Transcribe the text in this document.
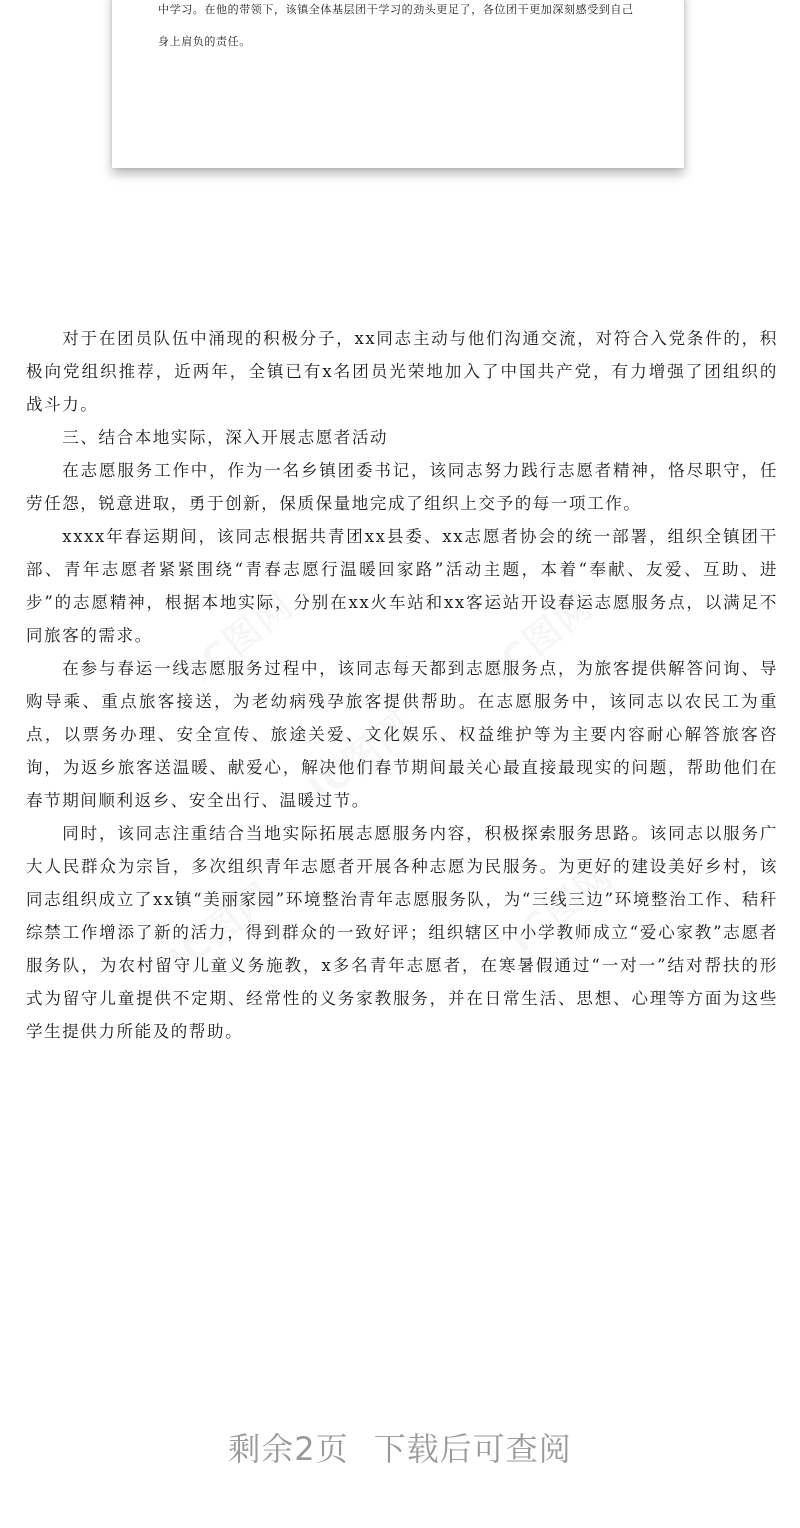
中学习。在他的带领下，该镇全体基层团干学习的劲头更足了，各位团干更加深刻感受到自己
身上肩负的责任。

对于在团员队伍中涌现的积极分子，xx同志主动与他们沟通交流，对符合入党条件的，积极向党组织推荐，近两年，全镇已有x名团员光荣地加入了中国共产党，有力增强了团组织的战斗力。

三、结合本地实际，深入开展志愿者活动

在志愿服务工作中，作为一名乡镇团委书记，该同志努力践行志愿者精神，恪尽职守，任劳任怨，锐意进取，勇于创新，保质保量地完成了组织上交予的每一项工作。

xxxx年春运期间，该同志根据共青团xx县委、xx志愿者协会的统一部署，组织全镇团干部、青年志愿者紧紧围绕“青春志愿行温暖回家路”活动主题，本着“奉献、友爱、互助、进步”的志愿精神，根据本地实际，分别在xx火车站和xx客运站开设春运志愿服务点，以满足不同旅客的需求。

在参与春运一线志愿服务过程中，该同志每天都到志愿服务点，为旅客提供解答问询、导购导乘、重点旅客接送，为老幼病残孕旅客提供帮助。在志愿服务中，该同志以农民工为重点，以票务办理、安全宣传、旅途关爱、文化娱乐、权益维护等为主要内容耐心解答旅客咨询，为返乡旅客送温暖、献爱心，解决他们春节期间最关心最直接最现实的问题，帮助他们在春节期间顺利返乡、安全出行、温暖过节。

同时，该同志注重结合当地实际拓展志愿服务内容，积极探索服务思路。该同志以服务广大人民群众为宗旨，多次组织青年志愿者开展各种志愿为民服务。为更好的建设美好乡村，该同志组织成立了xx镇“美丽家园”环境整治青年志愿服务队，为“三线三边”环境整治工作、秸秆综禁工作增添了新的活力，得到群众的一致好评；组织辖区中小学教师成立“爱心家教”志愿者服务队，为农村留守儿童义务施教，x多名青年志愿者，在寒暑假通过“一对一”结对帮扶的形式为留守儿童提供不定期、经常性的义务家教服务，并在日常生活、思想、心理等方面为这些学生提供力所能及的帮助。

剩余2页 下载后可查阅
